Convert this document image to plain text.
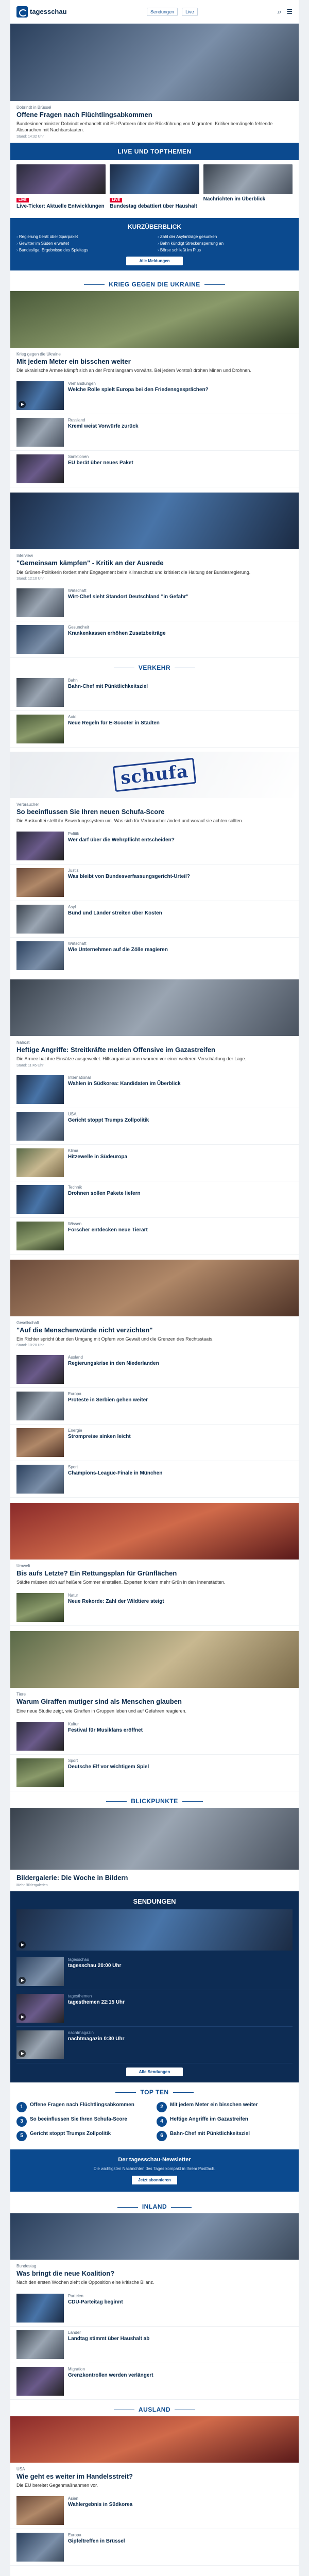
tagesschau	Sendungen	Live	⌕ ☰
Dobrindt in Brüssel
Offene Fragen nach Flüchtlingsabkommen
Bundesinnenminister Dobrindt verhandelt mit EU-Partnern über die Rückführung von Migranten. Kritiker bemängeln fehlende Absprachen mit Nachbarstaaten.
Stand: 14:32 Uhr
LIVE UND TOPTHEMEN
LIVE
Live-Ticker: Aktuelle Entwicklungen
LIVE
Bundestag debattiert über Haushalt
Nachrichten im Überblick
KURZÜBERBLICK
› Regierung berät über Sparpaket	› Zahl der Asylanträge gesunken
› Gewitter im Süden erwartet	› Bahn kündigt Streckensperrung an
› Bundesliga: Ergebnisse des Spieltags	› Börse schließt im Plus
Alle Meldungen
KRIEG GEGEN DIE UKRAINE
Krieg gegen die Ukraine
Mit jedem Meter ein bisschen weiter
Die ukrainische Armee kämpft sich an der Front langsam vorwärts. Bei jedem Vorstoß drohen Minen und Drohnen.
Verhandlungen
Welche Rolle spielt Europa bei den Friedensgesprächen?
Russland
Kreml weist Vorwürfe zurück
Sanktionen
EU berät über neues Paket
Interview
"Gemeinsam kämpfen" - Kritik an der Ausrede
Die Grünen-Politikerin fordert mehr Engagement beim Klimaschutz und kritisiert die Haltung der Bundesregierung.
Stand: 12:10 Uhr
Wirtschaft
Wirt-Chef sieht Standort Deutschland "in Gefahr"
Gesundheit
Krankenkassen erhöhen Zusatzbeiträge
VERKEHR
Bahn
Bahn-Chef mit Pünktlichkeitsziel
Auto
Neue Regeln für E-Scooter in Städten
schufa
Verbraucher
So beeinflussen Sie Ihren neuen Schufa-Score
Die Auskunftei stellt ihr Bewertungssystem um. Was sich für Verbraucher ändert und worauf sie achten sollten.
Politik
Wer darf über die Wehrpflicht entscheiden?
Justiz
Was bleibt von Bundesverfassungsgericht-Urteil?
Asyl
Bund und Länder streiten über Kosten
Wirtschaft
Wie Unternehmen auf die Zölle reagieren
Nahost
Heftige Angriffe: Streitkräfte melden Offensive im Gazastreifen
Die Armee hat ihre Einsätze ausgeweitet. Hilfsorganisationen warnen vor einer weiteren Verschärfung der Lage.
Stand: 11:45 Uhr
International
Wahlen in Südkorea: Kandidaten im Überblick
USA
Gericht stoppt Trumps Zollpolitik
Klima
Hitzewelle in Südeuropa
Technik
Drohnen sollen Pakete liefern
Wissen
Forscher entdecken neue Tierart
Gesellschaft
"Auf die Menschenwürde nicht verzichten"
Ein Richter spricht über den Umgang mit Opfern von Gewalt und die Grenzen des Rechtsstaats.
Stand: 10:20 Uhr
Ausland
Regierungskrise in den Niederlanden
Europa
Proteste in Serbien gehen weiter
Energie
Strompreise sinken leicht
Sport
Champions-League-Finale in München
Umwelt
Bis aufs Letzte? Ein Rettungsplan für Grünflächen
Städte müssen sich auf heißere Sommer einstellen. Experten fordern mehr Grün in den Innenstädten.
Natur
Neue Rekorde: Zahl der Wildtiere steigt
Tiere
Warum Giraffen mutiger sind als Menschen glauben
Eine neue Studie zeigt, wie Giraffen in Gruppen leben und auf Gefahren reagieren.
Kultur
Festival für Musikfans eröffnet
Sport
Deutsche Elf vor wichtigem Spiel
BLICKPUNKTE
Bildergalerie: Die Woche in Bildern
Mehr Bildergalerien
SENDUNGEN
tagesschau
tagesschau 20:00 Uhr
tagesthemen
tagesthemen 22:15 Uhr
nachtmagazin
nachtmagazin 0:30 Uhr
Alle Sendungen
TOP TEN
1	Offene Fragen nach Flüchtlingsabkommen	2	Mit jedem Meter ein bisschen weiter
3	So beeinflussen Sie Ihren Schufa-Score	4	Heftige Angriffe im Gazastreifen
5	Gericht stoppt Trumps Zollpolitik	6	Bahn-Chef mit Pünktlichkeitsziel
Der tagesschau-Newsletter
Die wichtigsten Nachrichten des Tages kompakt in Ihrem Postfach.
Jetzt abonnieren
INLAND
Bundestag
Was bringt die neue Koalition?
Nach den ersten Wochen zieht die Opposition eine kritische Bilanz.
Parteien
CDU-Parteitag beginnt
Länder
Landtag stimmt über Haushalt ab
Migration
Grenzkontrollen werden verlängert
AUSLAND
USA
Wie geht es weiter im Handelsstreit?
Die EU bereitet Gegenmaßnahmen vor.
Asien
Wahlergebnis in Südkorea
Europa
Gipfeltreffen in Brüssel
